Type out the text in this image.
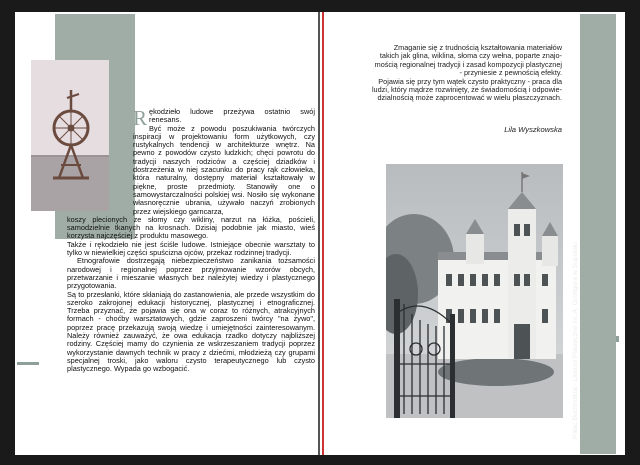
R ękodzieło ludowe przeżywa ostatnio swój renesans.

Być może z powodu poszukiwania twórczych inspiracji w projektowaniu form użytkowych, czy rustykalnych tendencji w architekturze wnętrz. Na pewno z powodów czysto ludzkich; chęci powrotu do tradycji naszych rodziców a częściej dziadków i dostrzeżenia w niej szacunku do pracy rąk człowieka, która naturalny, dostępny materiał kształtowały w piękne, proste przedmioty. Stanowiły one o samowystarczalności polskiej wsi. Nosiło się wykonane własnoręcznie ubrania, używało naczyń zrobionych przez wiejskiego garncarza,

koszy plecionych ze słomy czy wikliny, narzut na łóżka, pościeli, samodzielnie tkanych na krosnach. Dzisiaj podobnie jak miasto, wieś korzysta najczęściej z produktu masowego.

Także i rękodzieło nie jest ściśle ludowe. Istniejące obecnie warsztaty to tylko w niewielkiej części spuścizna ojców, przekaz rodzinnej tradycji.

Etnografowie dostrzegają niebezpieczeństwo zanikania tożsamości narodowej i regionalnej poprzez przyjmowanie wzorów obcych, przetwarzanie i mieszanie własnych bez należytej wiedzy i plastycznego przygotowania.

Są to przesłanki, które skłaniają do zastanowienia, ale przede wszystkim do szeroko zakrojonej edukacji historycznej, plastycznej i etnograficznej. Trzeba przyznać, że pojawia się ona w coraz to różnych, atrakcyjnych formach - choćby warsztatowych, gdzie zaproszeni twórcy "na żywo", poprzez pracę przekazują swoją wiedzę i umiejętności zainteresowanym. Należy również zauważyć, że owa edukacja rzadko dotyczy najbliższej rodziny. Częściej mamy do czynienia ze wskrzeszaniem tradycji poprzez wykorzystanie dawnych technik w pracy z dziećmi, młodzieżą czy grupami specjalnej troski, jako waloru czysto terapeutycznego lub czysto plastycznego. Wypada go wzbogacić.

Zmaganie się z trudnością kształtowania materiałów

takich jak glina, wiklina, słoma czy wełna, poparte znajo-

mością regionalnej tradycji i zasad kompozycji plastycznej

- przyniesie z pewnością efekty.

Pojawia się przy tym wątek czysto praktyczny - praca dla

ludzi, który mądrze rozwinięty, że świadomością i odpowie-

dzialnością może zaprocentować w wielu płaszczyznach.

Lila Wyszkowska
Pałac Buchholtza - Liceum Plastyczne im. A. Grottgera w Supraślu
